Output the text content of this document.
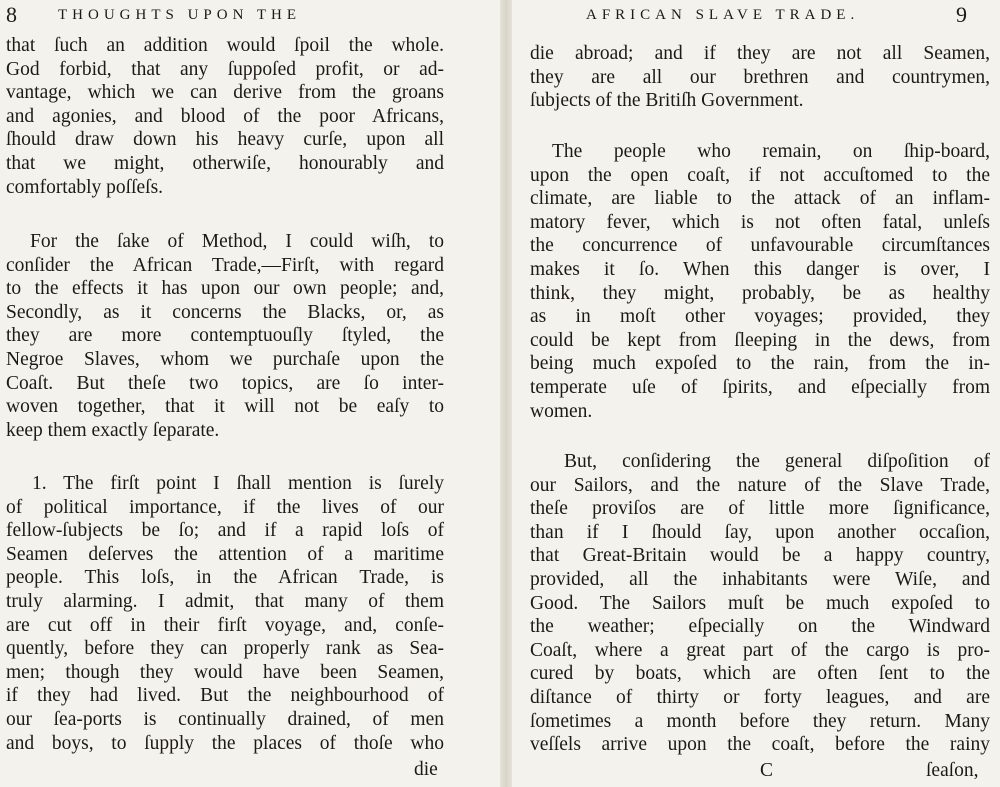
8	THOUGHTS UPON THE
that ſuch an addition would ſpoil the whole.
God forbid, that any ſuppoſed profit, or ad-
vantage, which we can derive from the groans
and agonies, and blood of the poor Africans,
ſhould draw down his heavy curſe, upon all
that we might, otherwiſe, honourably and
comfortably poſſeſs.
For the ſake of Method, I could wiſh, to
conſider the African Trade,—Firſt, with regard
to the effects it has upon our own people; and,
Secondly, as it concerns the Blacks, or, as
they are more contemptuouſly ſtyled, the
Negroe Slaves, whom we purchaſe upon the
Coaſt. But theſe two topics, are ſo inter-
woven together, that it will not be eaſy to
keep them exactly ſeparate.
1. The firſt point I ſhall mention is ſurely
of political importance, if the lives of our
fellow-ſubjects be ſo; and if a rapid loſs of
Seamen deſerves the attention of a maritime
people. This loſs, in the African Trade, is
truly alarming. I admit, that many of them
are cut off in their firſt voyage, and, conſe-
quently, before they can properly rank as Sea-
men; though they would have been Seamen,
if they had lived. But the neighbourhood of
our ſea-ports is continually drained, of men
and boys, to ſupply the places of thoſe who
die
AFRICAN SLAVE TRADE.	9
die abroad; and if they are not all Seamen,
they are all our brethren and countrymen,
ſubjects of the Britiſh Government.
The people who remain, on ſhip-board,
upon the open coaſt, if not accuſtomed to the
climate, are liable to the attack of an inflam-
matory fever, which is not often fatal, unleſs
the concurrence of unfavourable circumſtances
makes it ſo. When this danger is over, I
think, they might, probably, be as healthy
as in moſt other voyages; provided, they
could be kept from ſleeping in the dews, from
being much expoſed to the rain, from the in-
temperate uſe of ſpirits, and eſpecially from
women.
But, conſidering the general diſpoſition of
our Sailors, and the nature of the Slave Trade,
theſe proviſos are of little more ſignificance,
than if I ſhould ſay, upon another occaſion,
that Great-Britain would be a happy country,
provided, all the inhabitants were Wiſe, and
Good. The Sailors muſt be much expoſed to
the weather; eſpecially on the Windward
Coaſt, where a great part of the cargo is pro-
cured by boats, which are often ſent to the
diſtance of thirty or forty leagues, and are
ſometimes a month before they return. Many
veſſels arrive upon the coaſt, before the rainy
C	ſeaſon,
